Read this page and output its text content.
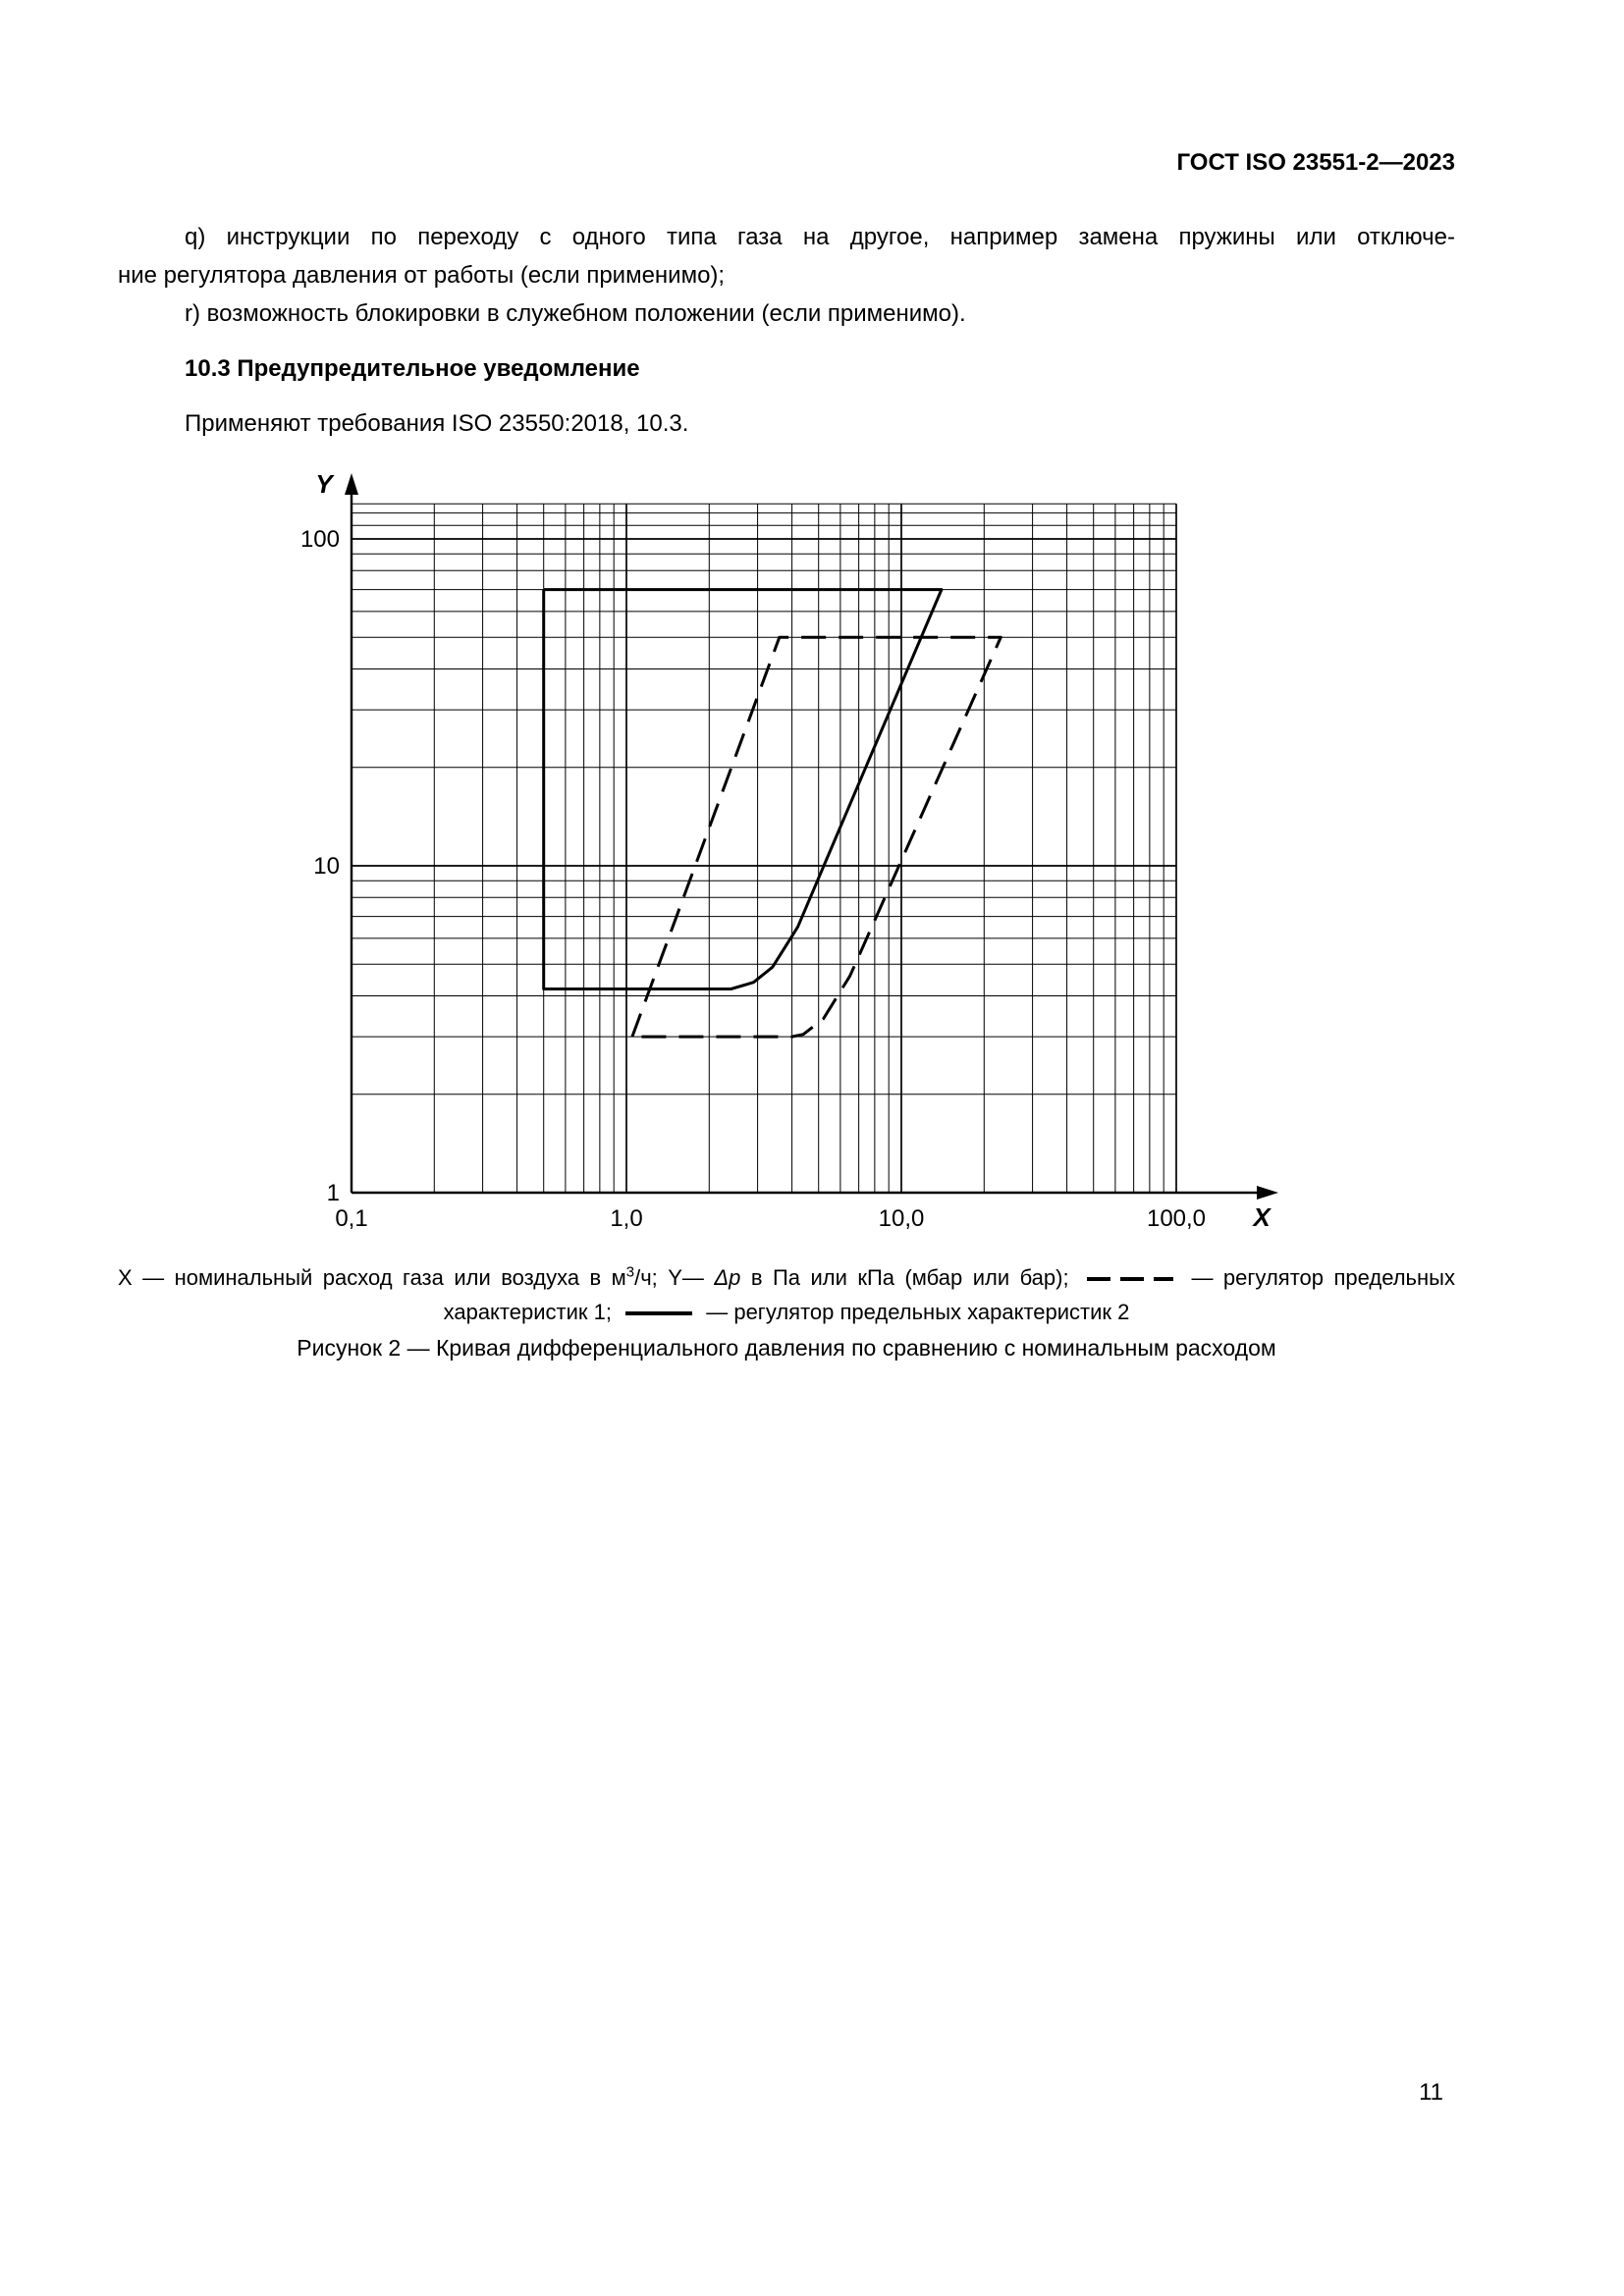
ГОСТ ISO 23551-2—2023
q) инструкции по переходу с одного типа газа на другое, например замена пружины или отключе-
ние регулятора давления от работы (если применимо);
r) возможность блокировки в служебном положении (если применимо).
10.3 Предупредительное уведомление
Применяют требования ISO 23550:2018, 10.3.
100
10
1
0,1	1,0	10,0	100,0
Y
X
X — номинальный расход газа или воздуха в $м^3/ч$; Y— Δp в Па или кПа (мбар или бар);	— регулятор предельных
характеристик 1;	— регулятор предельных характеристик 2
Рисунок 2 — Кривая дифференциального давления по сравнению с номинальным расходом
11
